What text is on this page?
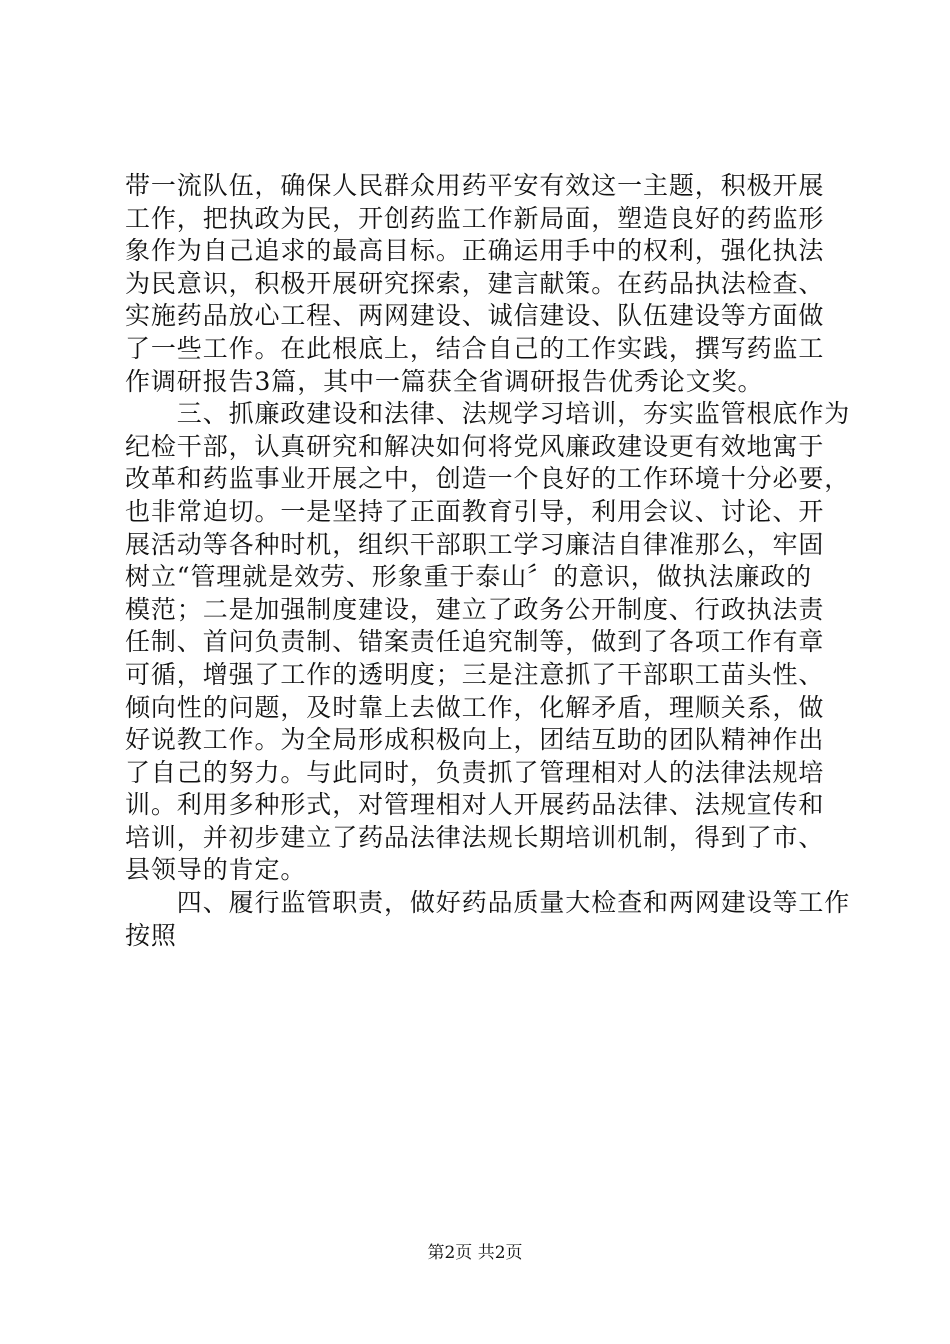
带一流队伍，确保人民群众用药平安有效这一主题，积极开展
工作，把执政为民，开创药监工作新局面，塑造良好的药监形
象作为自己追求的最高目标。正确运用手中的权利，强化执法
为民意识，积极开展研究探索，建言献策。在药品执法检查、
实施药品放心工程、两网建设、诚信建设、队伍建设等方面做
了一些工作。在此根底上，结合自己的工作实践，撰写药监工
作调研报告3篇，其中一篇获全省调研报告优秀论文奖。
　　三、抓廉政建设和法律、法规学习培训，夯实监管根底作为
纪检干部，认真研究和解决如何将党风廉政建设更有效地寓于
改革和药监事业开展之中，创造一个良好的工作环境十分必要，
也非常迫切。一是坚持了正面教育引导，利用会议、讨论、开
展活动等各种时机，组织干部职工学习廉洁自律准那么，牢固
树立“管理就是效劳、形象重于泰山〞的意识，做执法廉政的
模范；二是加强制度建设，建立了政务公开制度、行政执法责
任制、首问负责制、错案责任追究制等，做到了各项工作有章
可循，增强了工作的透明度；三是注意抓了干部职工苗头性、
倾向性的问题，及时靠上去做工作，化解矛盾，理顺关系，做
好说教工作。为全局形成积极向上，团结互助的团队精神作出
了自己的努力。与此同时，负责抓了管理相对人的法律法规培
训。利用多种形式，对管理相对人开展药品法律、法规宣传和
培训，并初步建立了药品法律法规长期培训机制，得到了市、
县领导的肯定。
　　四、履行监管职责，做好药品质量大检查和两网建设等工作
按照
第2页 共2页
